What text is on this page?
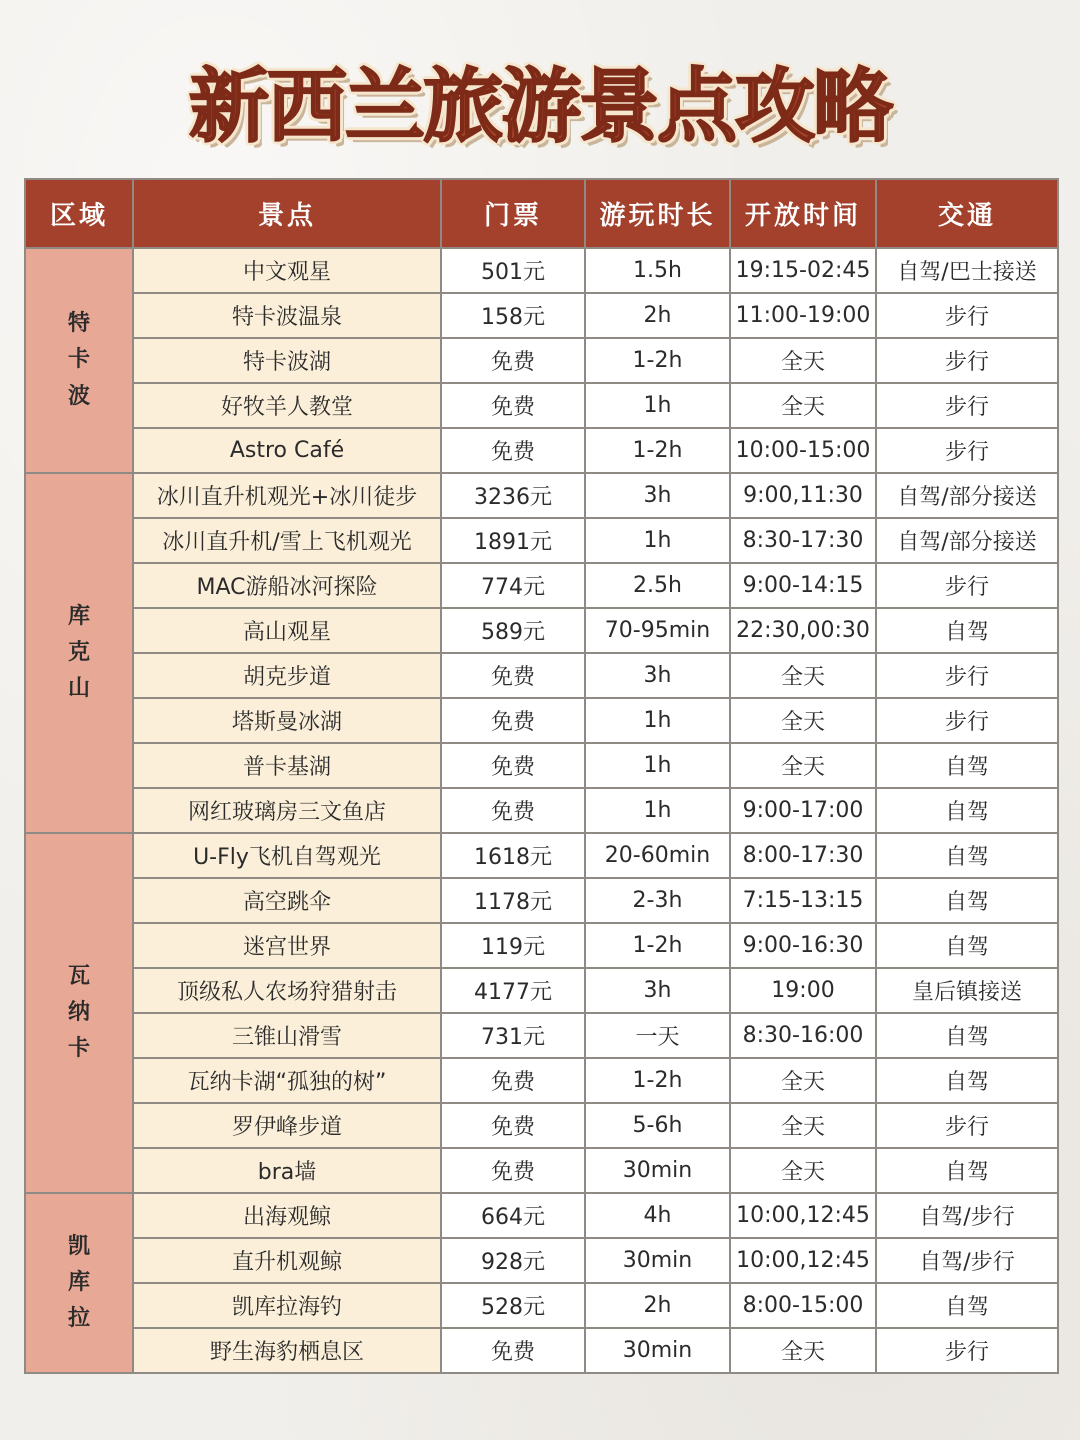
新西兰旅游景点攻略
区域	景点	门票	游玩时长	开放时间	交通

特
卡
波	中文观星	501元	1.5h	19:15-02:45	自驾/巴士接送
	特卡波温泉	158元	2h	11:00-19:00	步行
	特卡波湖	免费	1-2h	全天	步行
	好牧羊人教堂	免费	1h	全天	步行
	Astro Café	免费	1-2h	10:00-15:00	步行

库
克
山	冰川直升机观光+冰川徒步	3236元	3h	9:00,11:30	自驾/部分接送
	冰川直升机/雪上飞机观光	1891元	1h	8:30-17:30	自驾/部分接送
	MAC游船冰河探险	774元	2.5h	9:00-14:15	步行
	高山观星	589元	70-95min	22:30,00:30	自驾
	胡克步道	免费	3h	全天	步行
	塔斯曼冰湖	免费	1h	全天	步行
	普卡基湖	免费	1h	全天	自驾
	网红玻璃房三文鱼店	免费	1h	9:00-17:00	自驾

瓦
纳
卡	U-Fly飞机自驾观光	1618元	20-60min	8:00-17:30	自驾
	高空跳伞	1178元	2-3h	7:15-13:15	自驾
	迷宫世界	119元	1-2h	9:00-16:30	自驾
	顶级私人农场狩猎射击	4177元	3h	19:00	皇后镇接送
	三锥山滑雪	731元	一天	8:30-16:00	自驾
	瓦纳卡湖“孤独的树”	免费	1-2h	全天	自驾
	罗伊峰步道	免费	5-6h	全天	步行
	bra墙	免费	30min	全天	自驾

凯
库
拉	出海观鲸	664元	4h	10:00,12:45	自驾/步行
	直升机观鲸	928元	30min	10:00,12:45	自驾/步行
	凯库拉海钓	528元	2h	8:00-15:00	自驾
	野生海豹栖息区	免费	30min	全天	步行
